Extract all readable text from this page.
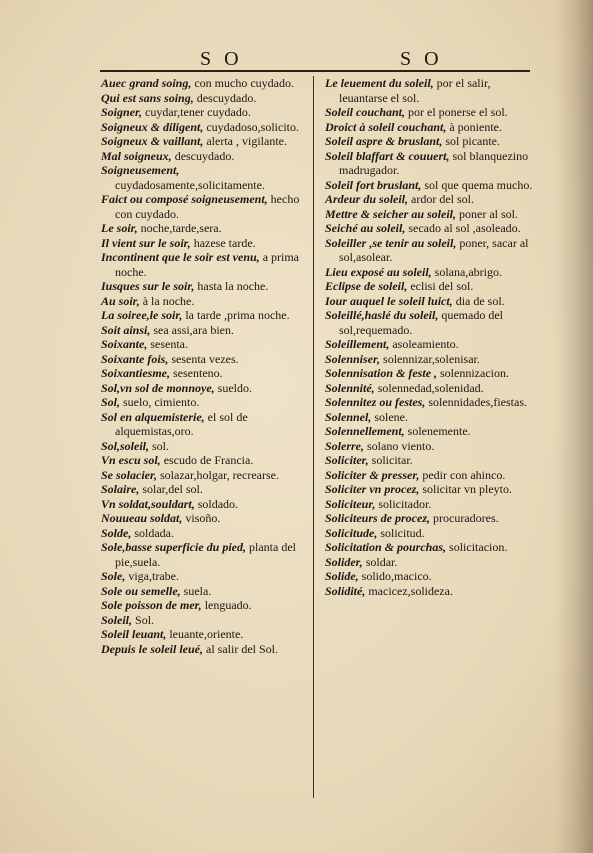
S O	S O

Auec grand soing, con mucho cuydado.

Qui est sans soing, descuydado.

Soigner, cuydar,tener cuydado.

Soigneux & diligent, cuydadoso,solicito.

Soigneux & vaillant, alerta , vigilante.

Mal soigneux, descuydado.

Soigneusement, cuydadosamente,solicitamente.

Faict ou composé soigneusement, hecho con cuydado.

Le soir, noche,tarde,sera.

Il vient sur le soir, hazese tarde.

Incontinent que le soir est venu, a prima noche.

Iusques sur le soir, hasta la noche.

Au soir, à la noche.

La soiree,le soir, la tarde ,prima noche.

Soit ainsi, sea assi,ara bien.

Soixante, sesenta.

Soixante fois, sesenta vezes.

Soixantiesme, sesenteno.

Sol,vn sol de monnoye, sueldo.

Sol, suelo, cimiento.

Sol en alquemisterie, el sol de alquemistas,oro.

Sol,soleil, sol.

Vn escu sol, escudo de Francia.

Se solacier, solazar,holgar, recrearse.

Solaire, solar,del sol.

Vn soldat,souldart, soldado.

Nouueau soldat, visoño.

Solde, soldada.

Sole,basse superficie du pied, planta del pie,suela.

Sole, viga,trabe.

Sole ou semelle, suela.

Sole poisson de mer, lenguado.

Soleil, Sol.

Soleil leuant, leuante,oriente.

Depuis le soleil leué, al salir del Sol.

Le leuement du soleil, por el salir, leuantarse el sol.

Soleil couchant, por el ponerse el sol.

Droict à soleil couchant, à poniente.

Soleil aspre & bruslant, sol picante.

Soleil blaffart & couuert, sol blanquezino madrugador.

Soleil fort bruslant, sol que quema mucho.

Ardeur du soleil, ardor del sol.

Mettre & seicher au soleil, poner al sol.

Seiché au soleil, secado al sol ,asoleado.

Soleiller ,se tenir au soleil, poner, sacar al sol,asolear.

Lieu exposé au soleil, solana,abrigo.

Eclipse de soleil, eclisi del sol.

Iour auquel le soleil luict, dia de sol.

Soleillé,haslé du soleil, quemado del sol,requemado.

Soleillement, asoleamiento.

Solenniser, solennizar,solenisar.

Solennisation & feste , solennizacion.

Solennité, solennedad,solenidad.

Solennitez ou festes, solennidades,fiestas.

Solennel, solene.

Solennellement, solenemente.

Solerre, solano viento.

Soliciter, solicitar.

Soliciter & presser, pedir con ahinco.

Soliciter vn procez, solicitar vn pleyto.

Soliciteur, solicitador.

Soliciteurs de procez, procuradores.

Solicitude, solicitud.

Solicitation & pourchas, solicitacion.

Solider, soldar.

Solide, solido,macico.

Solidité, macicez,solideza.
